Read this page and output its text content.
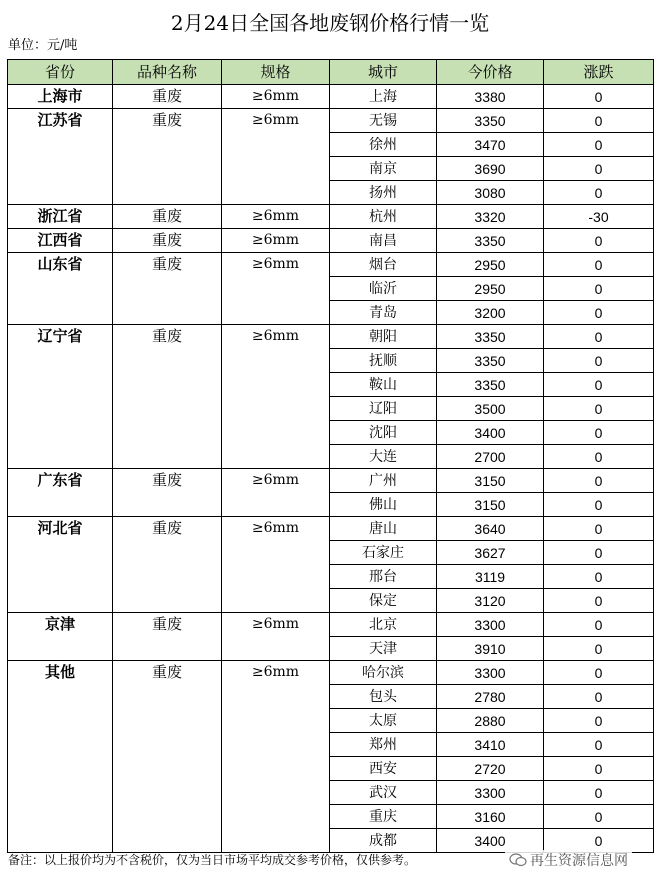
2月24日全国各地废钢价格行情一览
单位：元/吨
省份	品种名称	规格	城市	今价格	涨跌
上海市	重废	≥6mm	上海	3380	0
江苏省	重废	≥6mm	无锡	3350	0
			徐州	3470	0
			南京	3690	0
			扬州	3080	0
浙江省	重废	≥6mm	杭州	3320	-30
江西省	重废	≥6mm	南昌	3350	0
山东省	重废	≥6mm	烟台	2950	0
			临沂	2950	0
			青岛	3200	0
辽宁省	重废	≥6mm	朝阳	3350	0
			抚顺	3350	0
			鞍山	3350	0
			辽阳	3500	0
			沈阳	3400	0
			大连	2700	0
广东省	重废	≥6mm	广州	3150	0
			佛山	3150	0
河北省	重废	≥6mm	唐山	3640	0
			石家庄	3627	0
			邢台	3119	0
			保定	3120	0
京津	重废	≥6mm	北京	3300	0
			天津	3910	0
其他	重废	≥6mm	哈尔滨	3300	0
			包头	2780	0
			太原	2880	0
			郑州	3410	0
			西安	2720	0
			武汉	3300	0
			重庆	3160	0
			成都	3400	0
备注：以上报价均为不含税价，仅为当日市场平均成交参考价格，仅供参考。	再生资源信息网
